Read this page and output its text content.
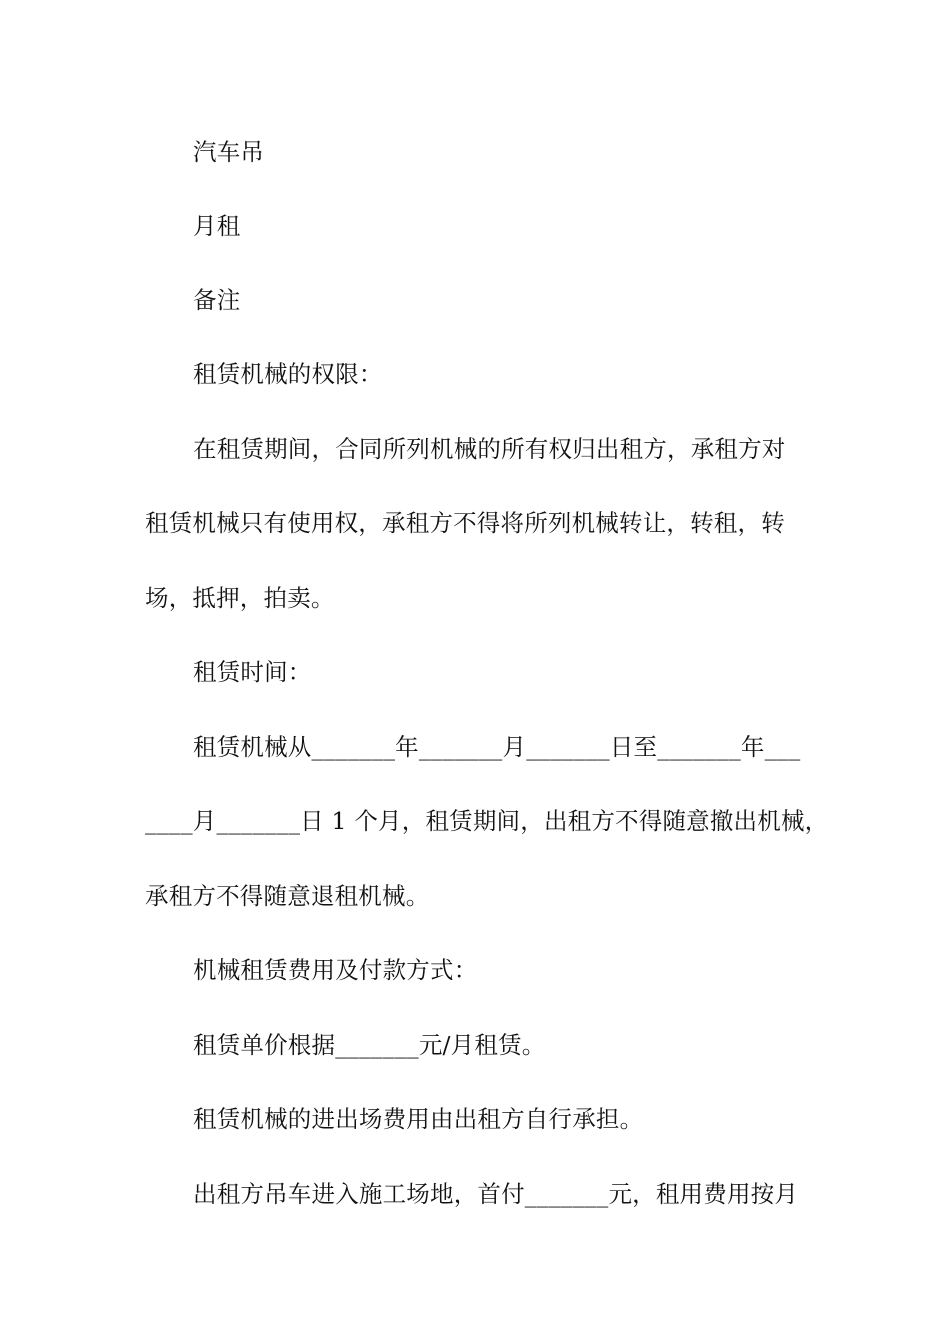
汽车吊
月租
备注
租赁机械的权限：
在租赁期间，合同所列机械的所有权归出租方，承租方对
租赁机械只有使用权，承租方不得将所列机械转让，转租，转
场，抵押，拍卖。
租赁时间：
租赁机械从_______年_______月_______日至_______年___
____月_______日 1 个月，租赁期间，出租方不得随意撤出机械，
承租方不得随意退租机械。
机械租赁费用及付款方式：
租赁单价根据_______元/月租赁。
租赁机械的进出场费用由出租方自行承担。
出租方吊车进入施工场地，首付_______元，租用费用按月
